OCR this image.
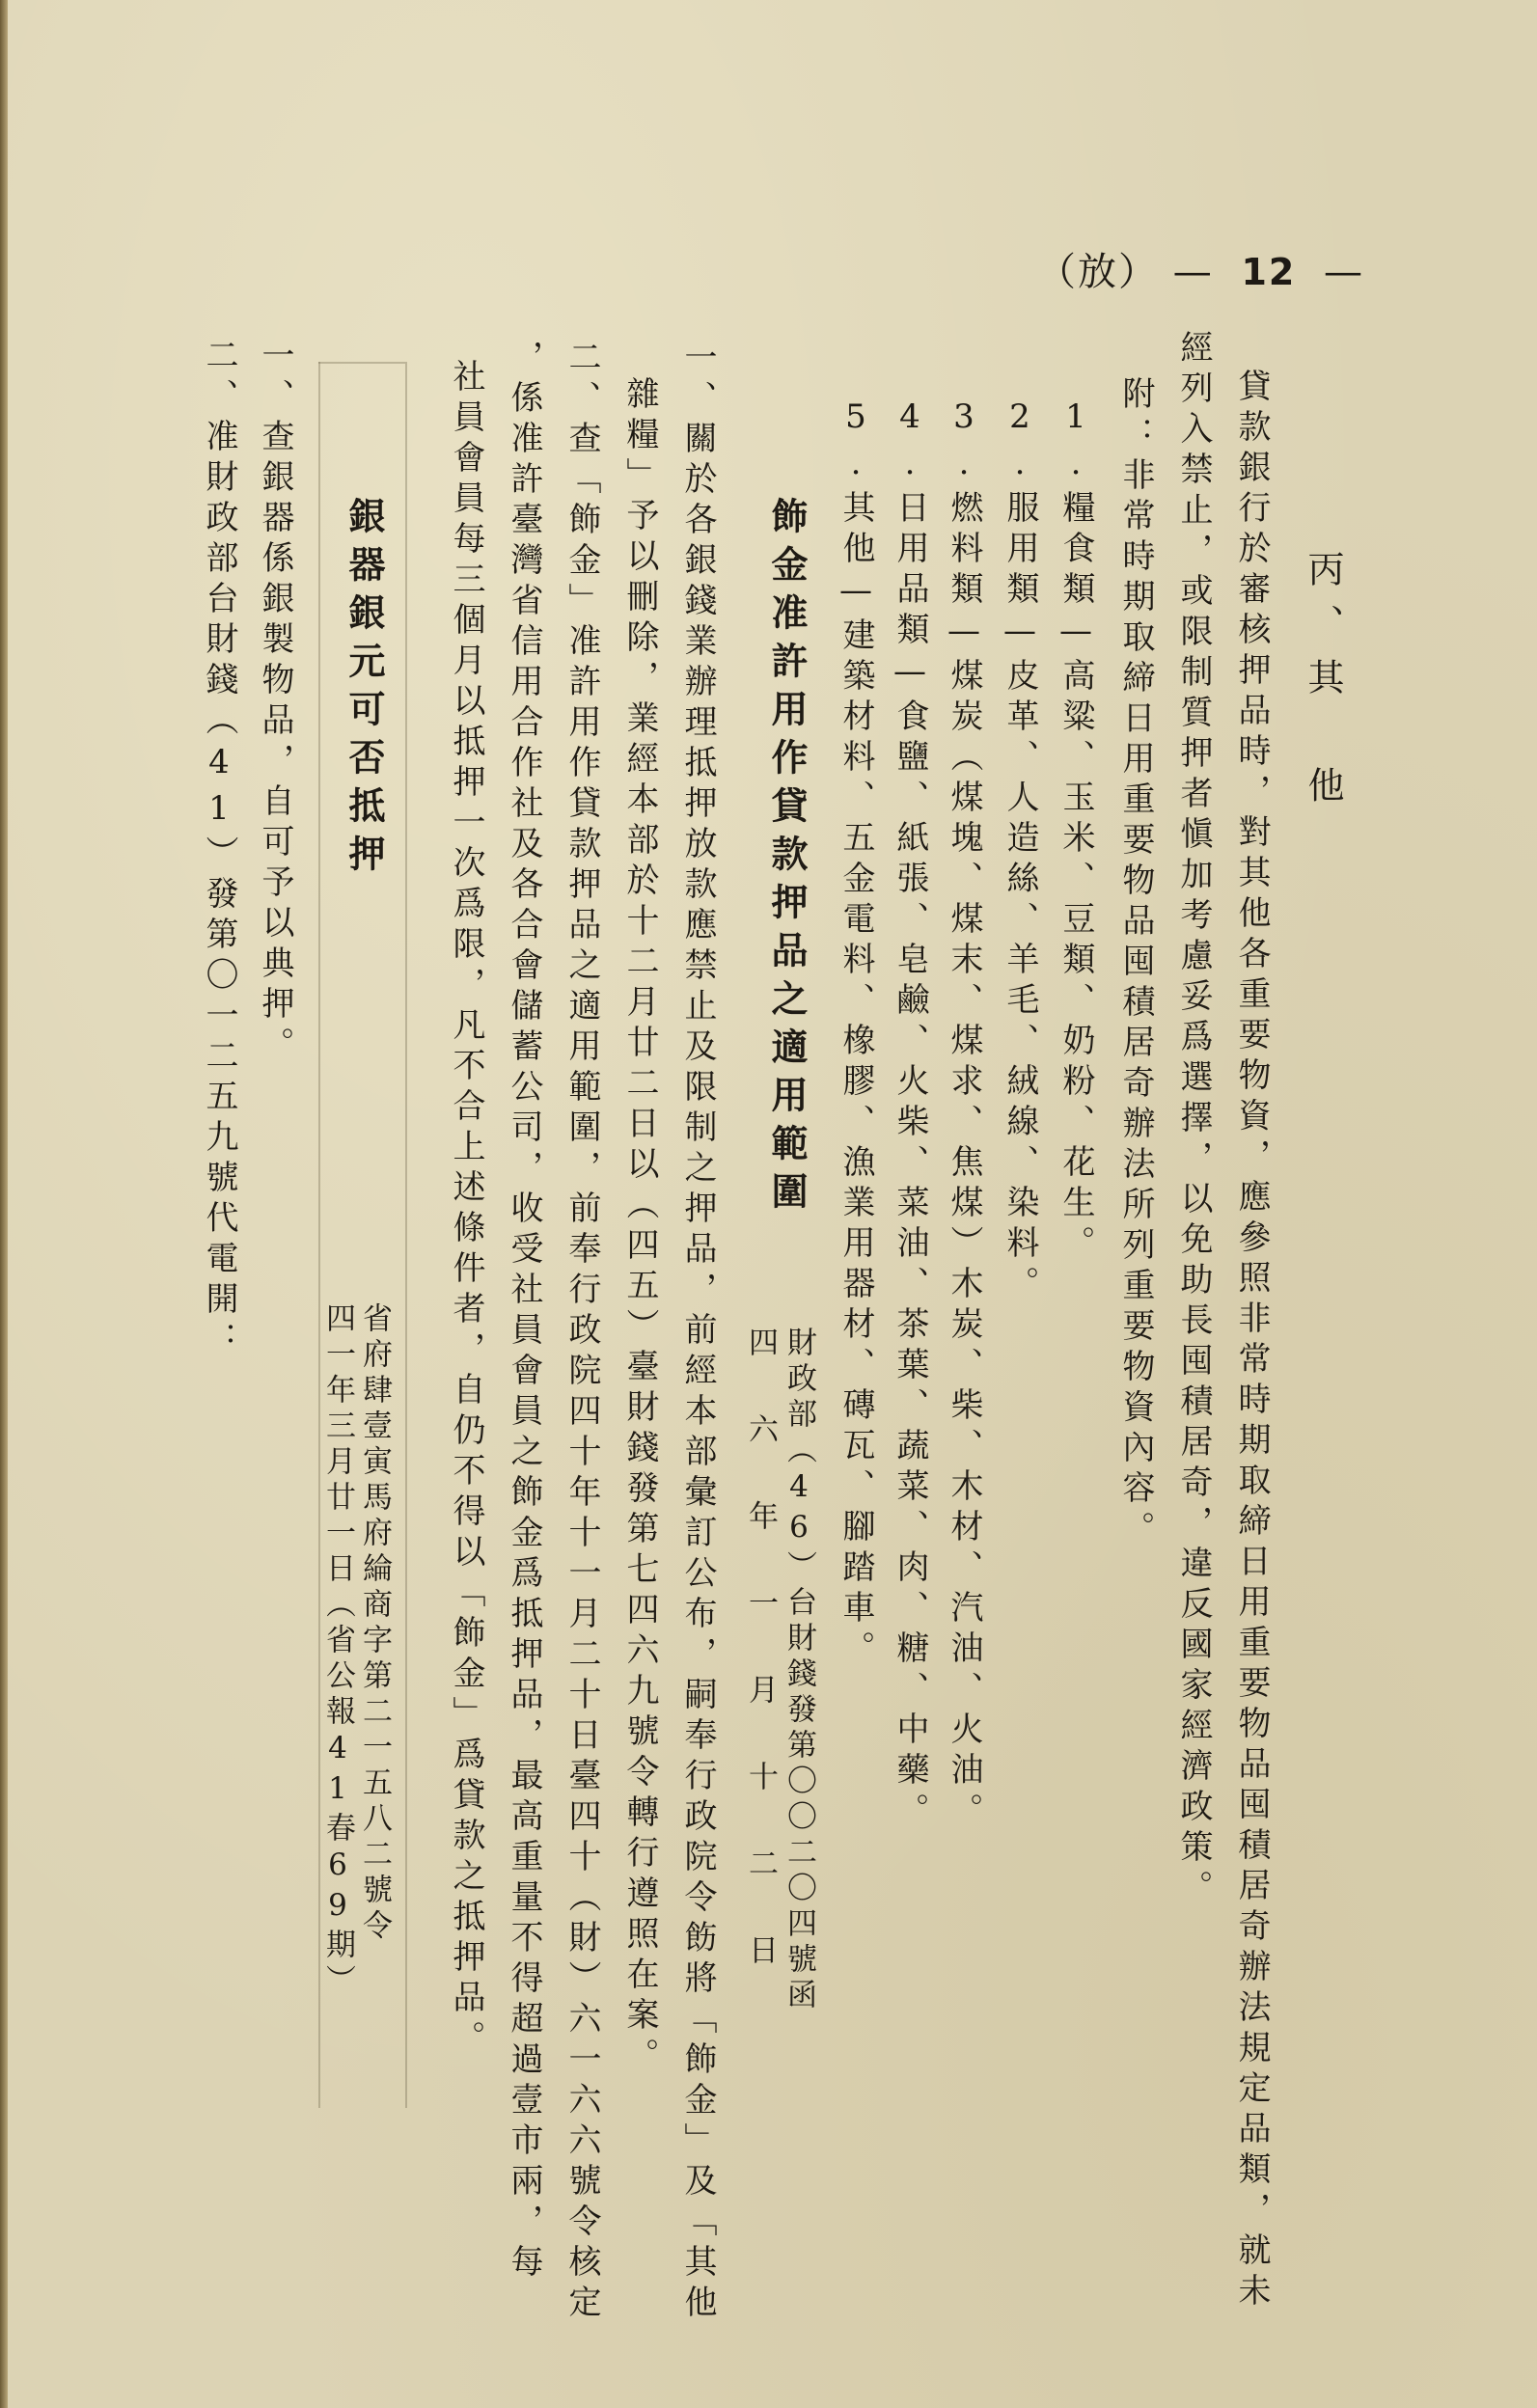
（放） — 12 —
丙、其　他
貸款銀行於審核押品時，對其他各重要物資，應參照非常時期取締日用重要物品囤積居奇辦法規定品類，就未
經列入禁止，或限制質押者愼加考慮妥爲選擇，以免助長囤積居奇，違反國家經濟政策。
附：非常時期取締日用重要物品囤積居奇辦法所列重要物資內容。
1.糧食類—高粱、玉米、豆類、奶粉、花生。
2.服用類—皮革、人造絲、羊毛、絨線、染料。
3.燃料類—煤炭（煤塊、煤末、煤求、焦煤）木炭、柴、木材、汽油、火油。
4.日用品類—食鹽、紙張、皂鹼、火柴、菜油、茶葉、蔬菜、肉、糖、中藥。
5.其他—建築材料、五金電料、橡膠、漁業用器材、磚瓦、腳踏車。
飾金准許用作貸款押品之適用範圍
財政部（46）台財錢發第〇〇二〇四號函
四　六　年　一　月　十　二　日
一、關於各銀錢業辦理抵押放款應禁止及限制之押品，前經本部彙訂公布，嗣奉行政院令飭將「飾金」及「其他
雜糧」予以刪除，業經本部於十二月廿二日以（四五）臺財錢發第七四六九號令轉行遵照在案。
二、查「飾金」准許用作貸款押品之適用範圍，前奉行政院四十年十一月二十日臺四十（財）六一六六號令核定
，係准許臺灣省信用合作社及各合會儲蓄公司，收受社員會員之飾金爲抵押品，最高重量不得超過壹市兩，每
社員會員每三個月以抵押一次爲限，凡不合上述條件者，自仍不得以「飾金」爲貸款之抵押品。
銀器銀元可否抵押
省府肆壹寅馬府綸商字第二一五八二號令
四一年三月廿一日（省公報41春69期）
一、查銀器係銀製物品，自可予以典押。
二、准財政部台財錢（41）發第〇一二五九號代電開：
